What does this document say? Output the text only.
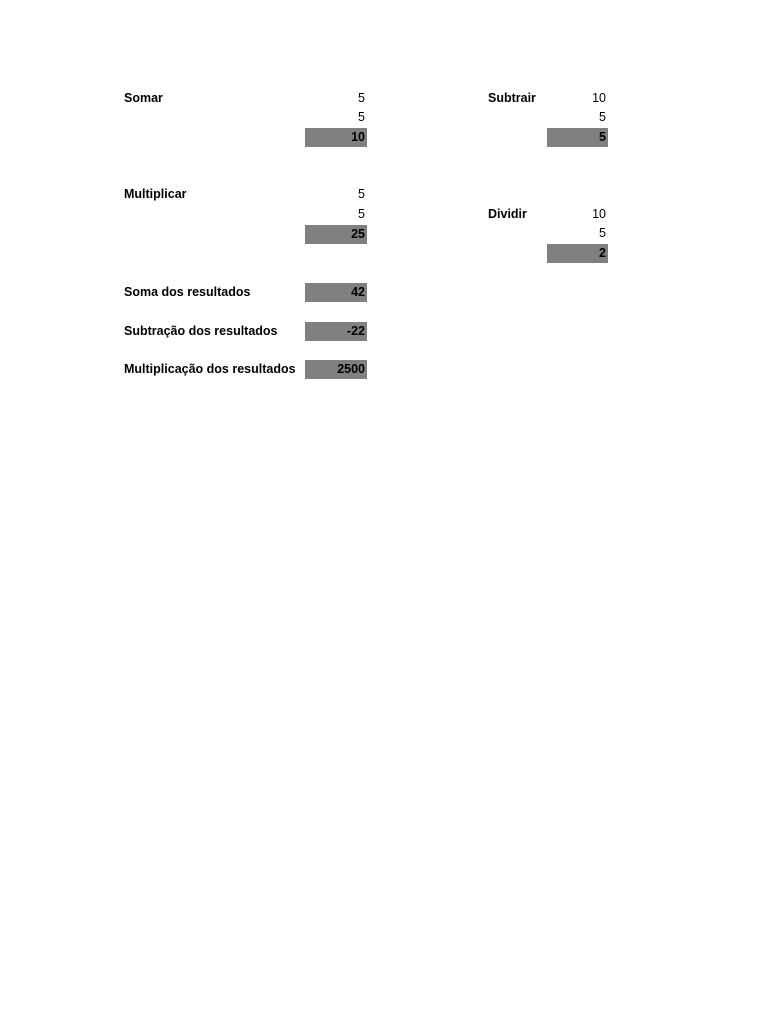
Somar	5
5
10
Subtrair	10
5
5
Multiplicar	5
5
25
Dividir	10
5
2
Soma dos resultados	42
Subtração dos resultados	-22
Multiplicação dos resultados	2500
